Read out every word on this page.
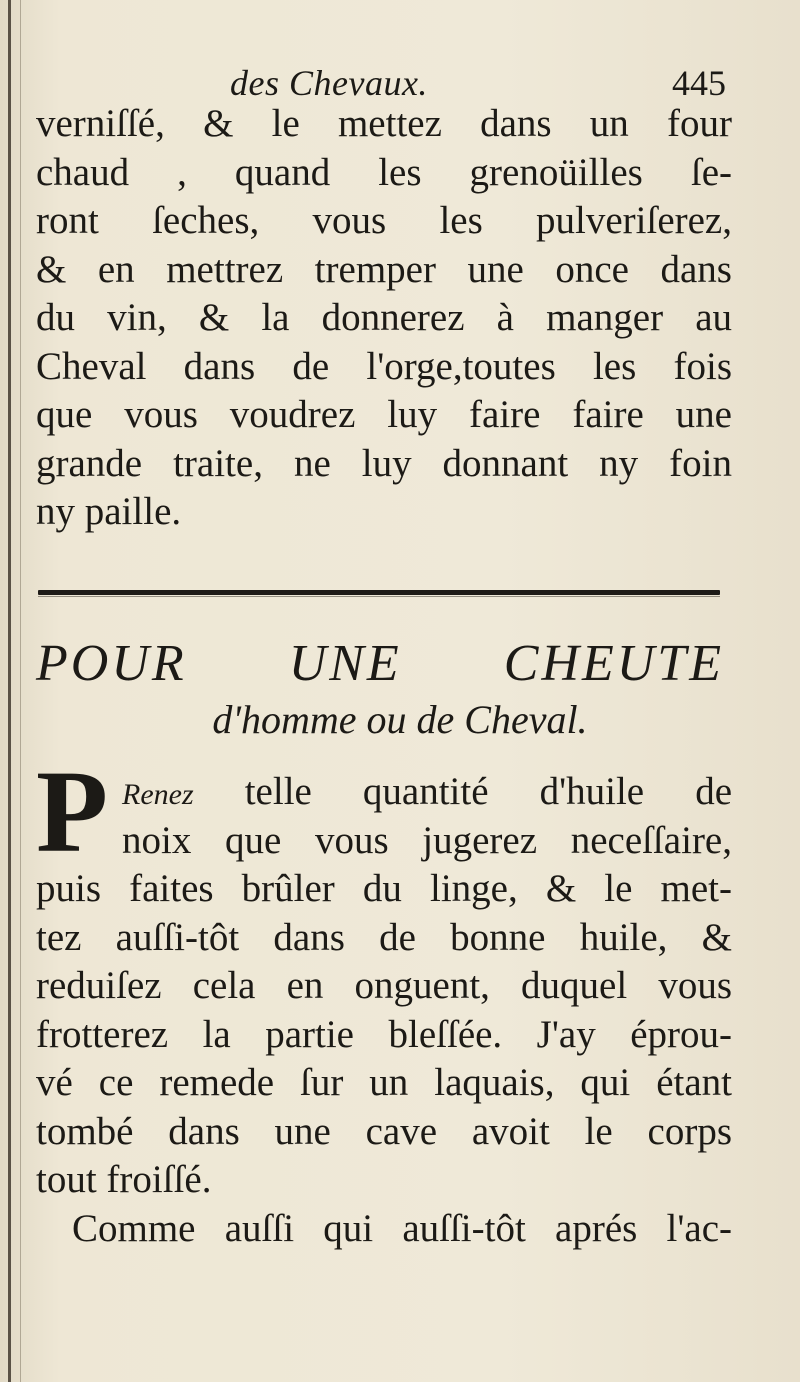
des Chevaux.	445
verniſſé, & le mettez dans un four
chaud , quand les grenoüilles ſe-
ront ſeches, vous les pulveriſerez,
& en mettrez tremper une once dans
du vin, & la donnerez à manger au
Cheval dans de l'orge,toutes les fois
que vous voudrez luy faire faire une
grande traite, ne luy donnant ny foin
ny paille.
POUR UNE CHEUTE
d'homme ou de Cheval.
P Renez telle quantité d'huile de
noix que vous jugerez neceſſaire,
puis faites brûler du linge, & le met-
tez auſſi-tôt dans de bonne huile, &
reduiſez cela en onguent, duquel vous
frotterez la partie bleſſée. J'ay éprou-
vé ce remede ſur un laquais, qui étant
tombé dans une cave avoit le corps
tout froiſſé.
Comme auſſi qui auſſi-tôt aprés l'ac-
